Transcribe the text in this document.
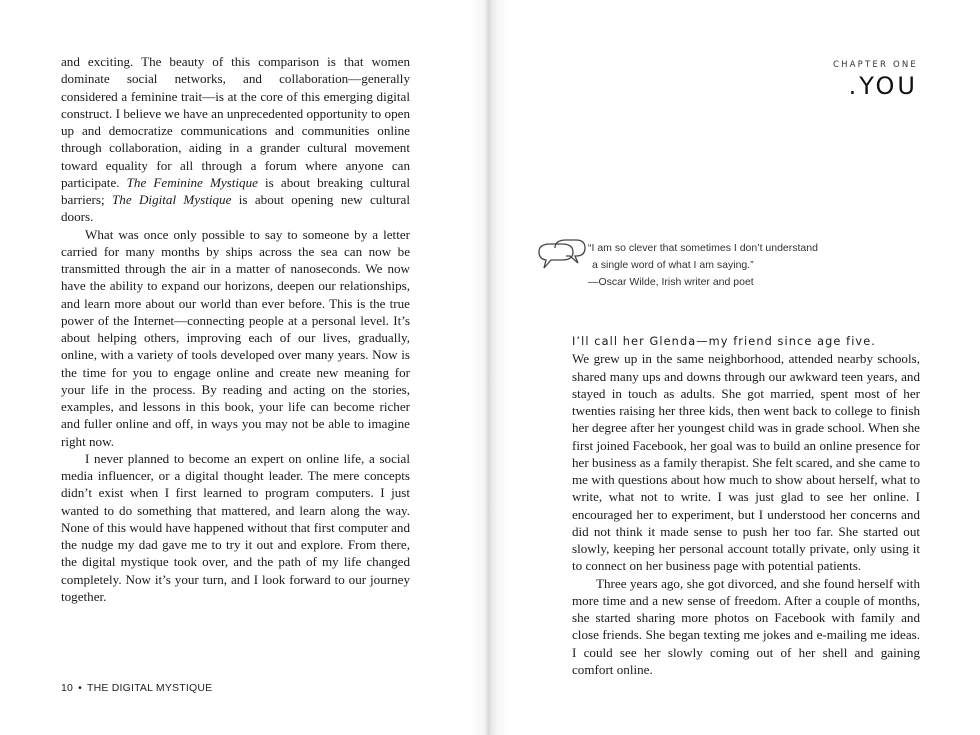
and exciting. The beauty of this comparison is that women dominate social networks, and collaboration—generally considered a feminine trait—is at the core of this emerging digital construct. I believe we have an unprecedented opportunity to open up and democratize communications and communities online through collaboration, aiding in a grander cultural movement toward equality for all through a forum where anyone can participate. The Feminine Mystique is about breaking cultural barriers; The Digital Mystique is about opening new cultural doors.

What was once only possible to say to someone by a letter carried for many months by ships across the sea can now be transmitted through the air in a matter of nanoseconds. We now have the ability to expand our horizons, deepen our relationships, and learn more about our world than ever before. This is the true power of the Internet—connecting people at a personal level. It’s about helping others, improving each of our lives, gradually, online, with a variety of tools developed over many years. Now is the time for you to engage online and create new meaning for your life in the process. By reading and acting on the stories, examples, and lessons in this book, your life can become richer and fuller online and off, in ways you may not be able to imagine right now.

I never planned to become an expert on online life, a social media influencer, or a digital thought leader. The mere concepts didn’t exist when I first learned to program computers. I just wanted to do something that mattered, and learn along the way. None of this would have happened without that first computer and the nudge my dad gave me to try it out and explore. From there, the digital mystique took over, and the path of my life changed completely. Now it’s your turn, and I look forward to our journey together.

10 • THE DIGITAL MYSTIQUE
CHAPTER ONE
.YOU
“I am so clever that sometimes I don’t understand
a single word of what I am saying.”
—Oscar Wilde, Irish writer and poet
I’ll call her Glenda—my friend since age five.

We grew up in the same neighborhood, attended nearby schools, shared many ups and downs through our awkward teen years, and stayed in touch as adults. She got married, spent most of her twenties raising her three kids, then went back to college to finish her degree after her youngest child was in grade school. When she first joined Facebook, her goal was to build an online presence for her business as a family therapist. She felt scared, and she came to me with questions about how much to show about herself, what to write, what not to write. I was just glad to see her online. I encouraged her to experiment, but I understood her concerns and did not think it made sense to push her too far. She started out slowly, keeping her personal account totally private, only using it to connect on her business page with potential patients.

Three years ago, she got divorced, and she found herself with more time and a new sense of freedom. After a couple of months, she started sharing more photos on Facebook with family and close friends. She began texting me jokes and e-mailing me ideas. I could see her slowly coming out of her shell and gaining comfort online.
